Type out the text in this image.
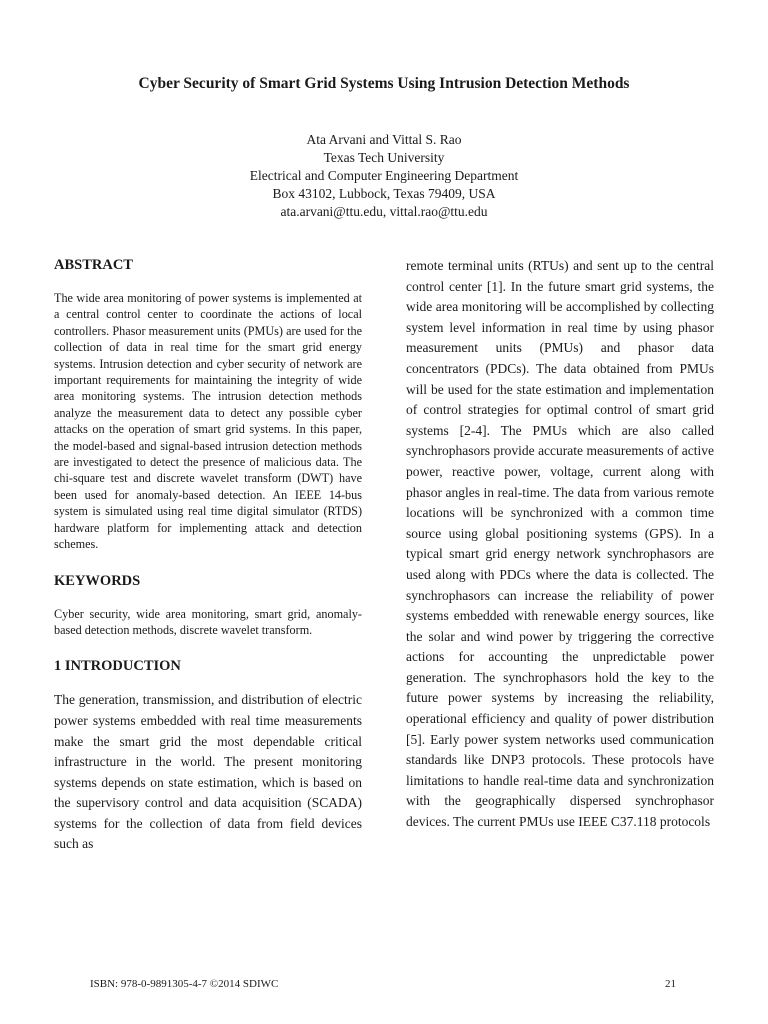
Cyber Security of Smart Grid Systems Using Intrusion Detection Methods
Ata Arvani and Vittal S. Rao
Texas Tech University
Electrical and Computer Engineering Department
Box 43102, Lubbock, Texas 79409, USA
ata.arvani@ttu.edu, vittal.rao@ttu.edu
ABSTRACT

The wide area monitoring of power systems is implemented at a central control center to coordinate the actions of local controllers. Phasor measurement units (PMUs) are used for the collection of data in real time for the smart grid energy systems. Intrusion detection and cyber security of network are important requirements for maintaining the integrity of wide area monitoring systems. The intrusion detection methods analyze the measurement data to detect any possible cyber attacks on the operation of smart grid systems. In this paper, the model-based and signal-based intrusion detection methods are investigated to detect the presence of malicious data. The chi-square test and discrete wavelet transform (DWT) have been used for anomaly-based detection. An IEEE 14-bus system is simulated using real time digital simulator (RTDS) hardware platform for implementing attack and detection schemes.

KEYWORDS

Cyber security, wide area monitoring, smart grid, anomaly-based detection methods, discrete wavelet transform.

1 INTRODUCTION

The generation, transmission, and distribution of electric power systems embedded with real time measurements make the smart grid the most dependable critical infrastructure in the world. The present monitoring systems depends on state estimation, which is based on the supervisory control and data acquisition (SCADA) systems for the collection of data from field devices such as

remote terminal units (RTUs) and sent up to the central control center [1]. In the future smart grid systems, the wide area monitoring will be accomplished by collecting system level information in real time by using phasor measurement units (PMUs) and phasor data concentrators (PDCs). The data obtained from PMUs will be used for the state estimation and implementation of control strategies for optimal control of smart grid systems [2-4]. The PMUs which are also called synchrophasors provide accurate measurements of active power, reactive power, voltage, current along with phasor angles in real-time. The data from various remote locations will be synchronized with a common time source using global positioning systems (GPS). In a typical smart grid energy network synchrophasors are used along with PDCs where the data is collected. The synchrophasors can increase the reliability of power systems embedded with renewable energy sources, like the solar and wind power by triggering the corrective actions for accounting the unpredictable power generation. The synchrophasors hold the key to the future power systems by increasing the reliability, operational efficiency and quality of power distribution [5]. Early power system networks used communication standards like DNP3 protocols. These protocols have limitations to handle real-time data and synchronization with the geographically dispersed synchrophasor devices. The current PMUs use IEEE C37.118 protocols

ISBN: 978-0-9891305-4-7 ©2014 SDIWC	21
